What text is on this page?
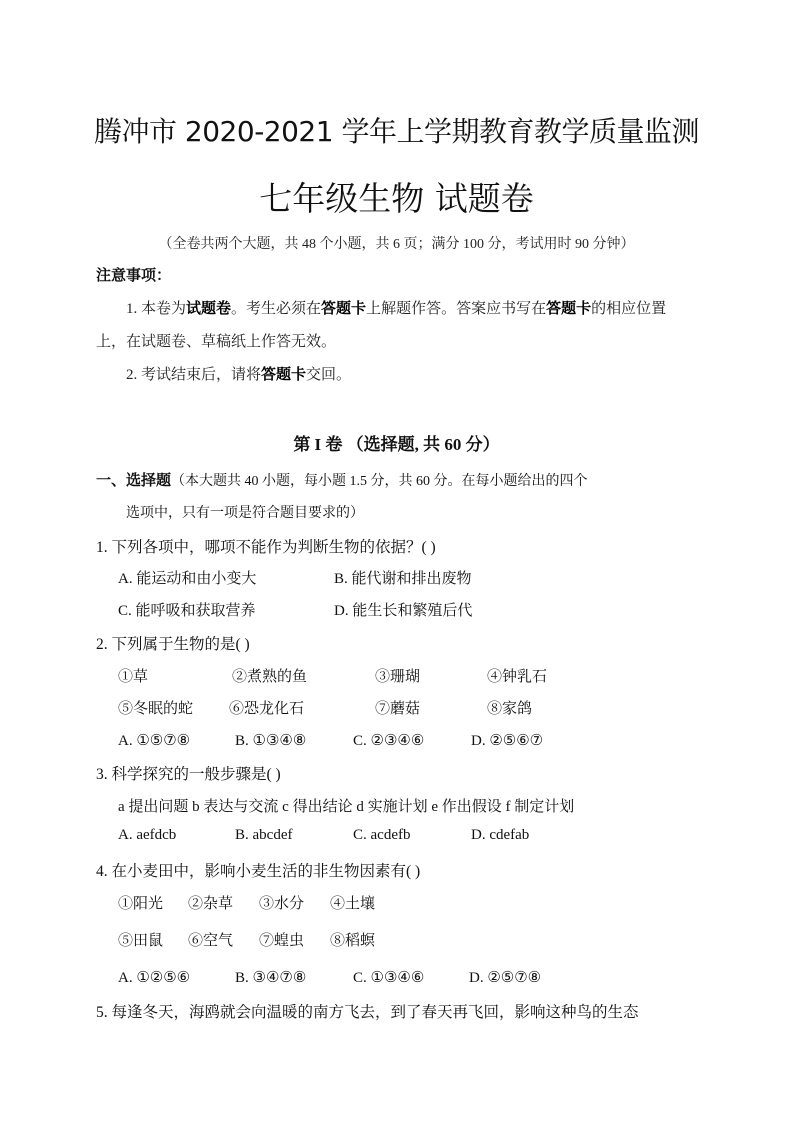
腾冲市 2020-2021 学年上学期教育教学质量监测
七年级生物 试题卷
（全卷共两个大题，共 48 个小题，共 6 页；满分 100 分，考试用时 90 分钟）
注意事项：
1. 本卷为试题卷。考生必须在答题卡上解题作答。答案应书写在答题卡的相应位置
上，在试题卷、草稿纸上作答无效。
2. 考试结束后，请将答题卡交回。
第 I 卷 （选择题, 共 60 分）
一、选择题（本大题共 40 小题，每小题 1.5 分，共 60 分。在每小题给出的四个
选项中，只有一项是符合题目要求的）
1. 下列各项中，哪项不能作为判断生物的依据？( )
A. 能运动和由小变大	B. 能代谢和排出废物
C. 能呼吸和获取营养	D. 能生长和繁殖后代
2. 下列属于生物的是( )
①草	②煮熟的鱼	③珊瑚	④钟乳石
⑤冬眠的蛇 ⑥恐龙化石	⑦蘑菇	⑧家鸽
A. ①⑤⑦⑧	B. ①③④⑧	C. ②③④⑥	D. ②⑤⑥⑦
3. 科学探究的一般步骤是( )
a 提出问题 b 表达与交流 c 得出结论 d 实施计划 e 作出假设 f 制定计划
A. aefdcb	B. abcdef	C. acdefb	D. cdefab
4. 在小麦田中，影响小麦生活的非生物因素有( )
①阳光 ②杂草 ③水分 ④土壤
⑤田鼠 ⑥空气 ⑦蝗虫 ⑧稻螟
A. ①②⑤⑥	B. ③④⑦⑧	C. ①③④⑥	D. ②⑤⑦⑧
5. 每逢冬天，海鸥就会向温暖的南方飞去，到了春天再飞回，影响这种鸟的生态
